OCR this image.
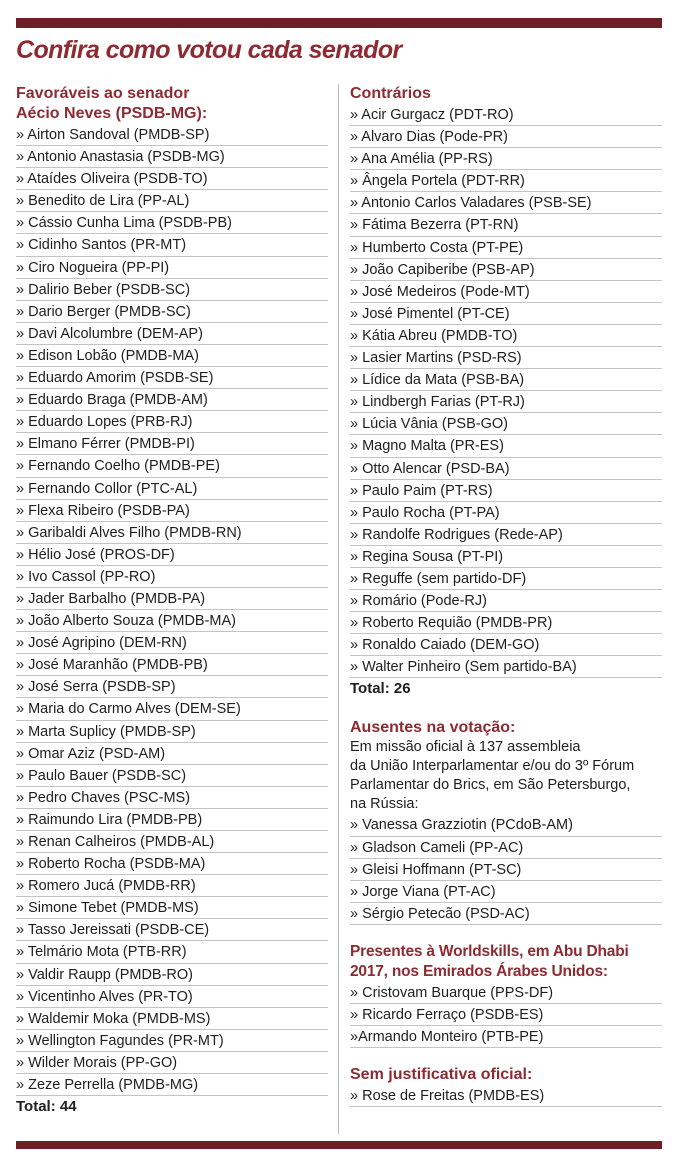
Confira como votou cada senador
Favoráveis ao senador
Aécio Neves (PSDB-MG):
» Airton Sandoval (PMDB-SP)
» Antonio Anastasia (PSDB-MG)
» Ataídes Oliveira (PSDB-TO)
» Benedito de Lira (PP-AL)
» Cássio Cunha Lima (PSDB-PB)
» Cidinho Santos (PR-MT)
» Ciro Nogueira (PP-PI)
» Dalirio Beber (PSDB-SC)
» Dario Berger (PMDB-SC)
» Davi Alcolumbre (DEM-AP)
» Edison Lobão (PMDB-MA)
» Eduardo Amorim (PSDB-SE)
» Eduardo Braga (PMDB-AM)
» Eduardo Lopes (PRB-RJ)
» Elmano Férrer (PMDB-PI)
» Fernando Coelho (PMDB-PE)
» Fernando Collor (PTC-AL)
» Flexa Ribeiro (PSDB-PA)
» Garibaldi Alves Filho (PMDB-RN)
» Hélio José (PROS-DF)
» Ivo Cassol (PP-RO)
» Jader Barbalho (PMDB-PA)
» João Alberto Souza (PMDB-MA)
» José Agripino (DEM-RN)
» José Maranhão (PMDB-PB)
» José Serra (PSDB-SP)
» Maria do Carmo Alves (DEM-SE)
» Marta Suplicy (PMDB-SP)
» Omar Aziz (PSD-AM)
» Paulo Bauer (PSDB-SC)
» Pedro Chaves (PSC-MS)
» Raimundo Lira (PMDB-PB)
» Renan Calheiros (PMDB-AL)
» Roberto Rocha (PSDB-MA)
» Romero Jucá (PMDB-RR)
» Simone Tebet (PMDB-MS)
» Tasso Jereissati (PSDB-CE)
» Telmário Mota (PTB-RR)
» Valdir Raupp (PMDB-RO)
» Vicentinho Alves (PR-TO)
» Waldemir Moka (PMDB-MS)
» Wellington Fagundes (PR-MT)
» Wilder Morais (PP-GO)
» Zeze Perrella (PMDB-MG)
Total: 44
Contrários
» Acir Gurgacz (PDT-RO)
» Alvaro Dias (Pode-PR)
» Ana Amélia (PP-RS)
» Ângela Portela (PDT-RR)
» Antonio Carlos Valadares (PSB-SE)
» Fátima Bezerra (PT-RN)
» Humberto Costa (PT-PE)
» João Capiberibe (PSB-AP)
» José Medeiros (Pode-MT)
» José Pimentel (PT-CE)
» Kátia Abreu (PMDB-TO)
» Lasier Martins (PSD-RS)
» Lídice da Mata (PSB-BA)
» Lindbergh Farias (PT-RJ)
» Lúcia Vânia (PSB-GO)
» Magno Malta (PR-ES)
» Otto Alencar (PSD-BA)
» Paulo Paim (PT-RS)
» Paulo Rocha (PT-PA)
» Randolfe Rodrigues (Rede-AP)
» Regina Sousa (PT-PI)
» Reguffe (sem partido-DF)
» Romário (Pode-RJ)
» Roberto Requião (PMDB-PR)
» Ronaldo Caiado (DEM-GO)
» Walter Pinheiro (Sem partido-BA)
Total: 26
Ausentes na votação:
Em missão oficial à 137 assembleia
da União Interparlamentar e/ou do 3º Fórum
Parlamentar do Brics, em São Petersburgo,
na Rússia:
» Vanessa Grazziotin (PCdoB-AM)
» Gladson Cameli (PP-AC)
» Gleisi Hoffmann (PT-SC)
» Jorge Viana (PT-AC)
» Sérgio Petecão (PSD-AC)
Presentes à Worldskills, em Abu Dhabi
2017, nos Emirados Árabes Unidos:
» Cristovam Buarque (PPS-DF)
» Ricardo Ferraço (PSDB-ES)
»Armando Monteiro (PTB-PE)
Sem justificativa oficial:
» Rose de Freitas (PMDB-ES)
